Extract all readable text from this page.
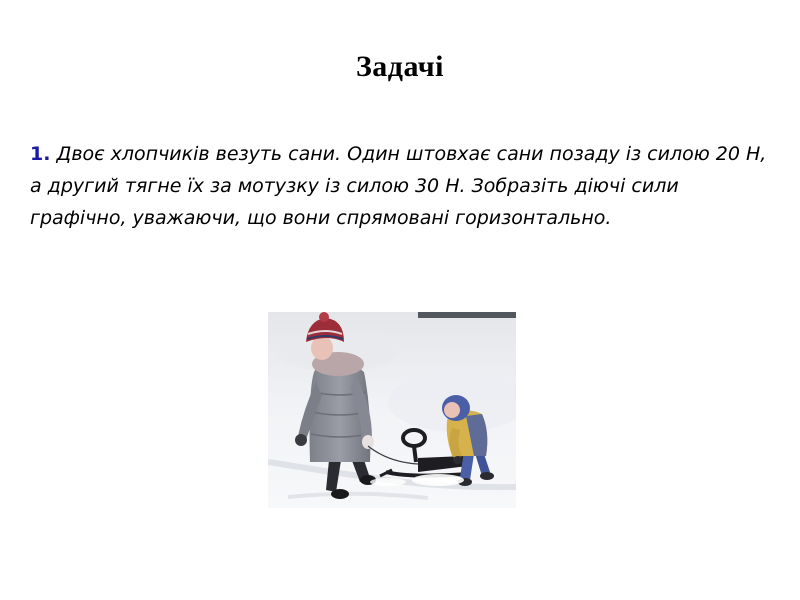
Задачі
1. Двоє хлопчиків везуть сани. Один штовхає сани позаду із силою 20 Н, а другий тягне їх за мотузку із силою 30 Н. Зобразіть діючі сили графічно, уважаючи, що вони спрямовані горизонтально.
